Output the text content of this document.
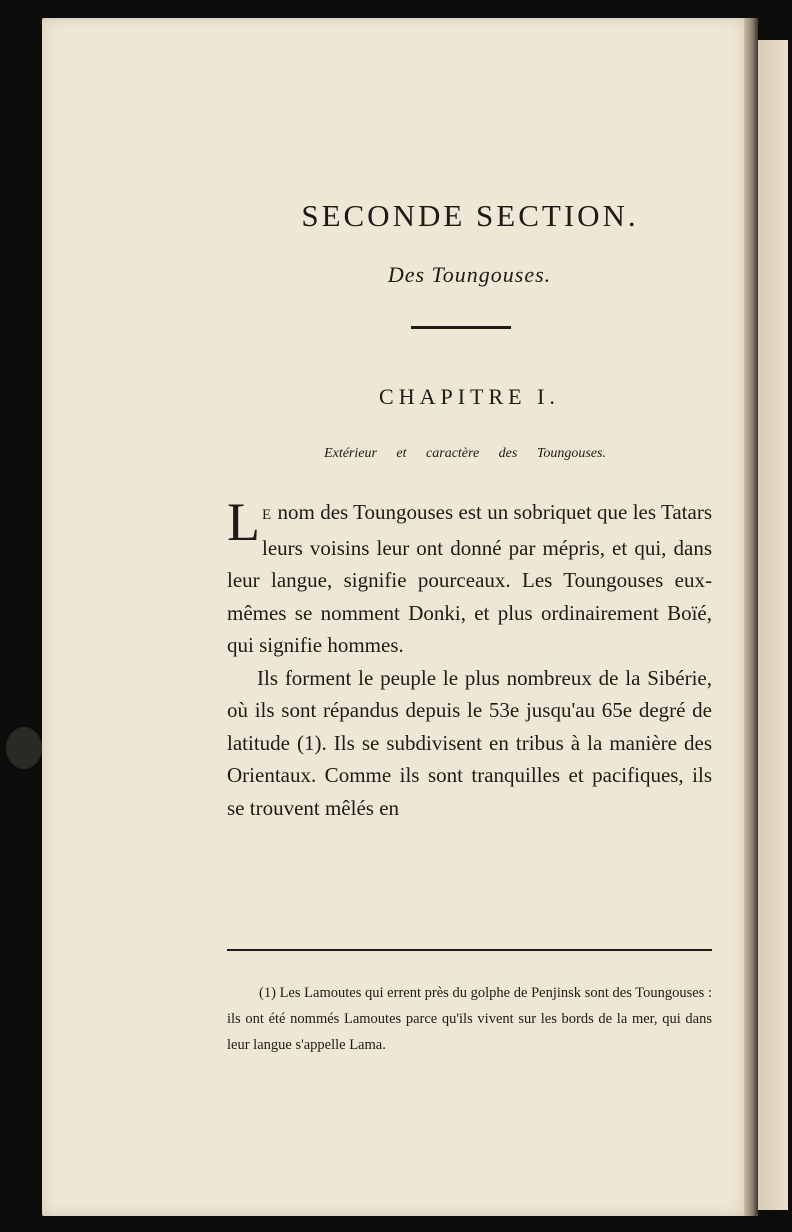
SECONDE SECTION.
Des Toungouses.
CHAPITRE I.
Extérieur et caractère des Toungouses.

L E nom des Toungouses est un sobriquet que les Tatars leurs voisins leur ont donné par mépris, et qui, dans leur langue, signifie pourceaux. Les Toungouses eux-mêmes se nomment Donki, et plus ordinairement Boïé, qui signifie hommes.

Ils forment le peuple le plus nombreux de la Sibérie, où ils sont répandus depuis le 53e jusqu'au 65e degré de latitude (1). Ils se subdivisent en tribus à la manière des Orientaux. Comme ils sont tranquilles et pacifiques, ils se trouvent mêlés en

(1) Les Lamoutes qui errent près du golphe de Penjinsk sont des Toungouses : ils ont été nommés Lamoutes parce qu'ils vivent sur les bords de la mer, qui dans leur langue s'appelle Lama.
